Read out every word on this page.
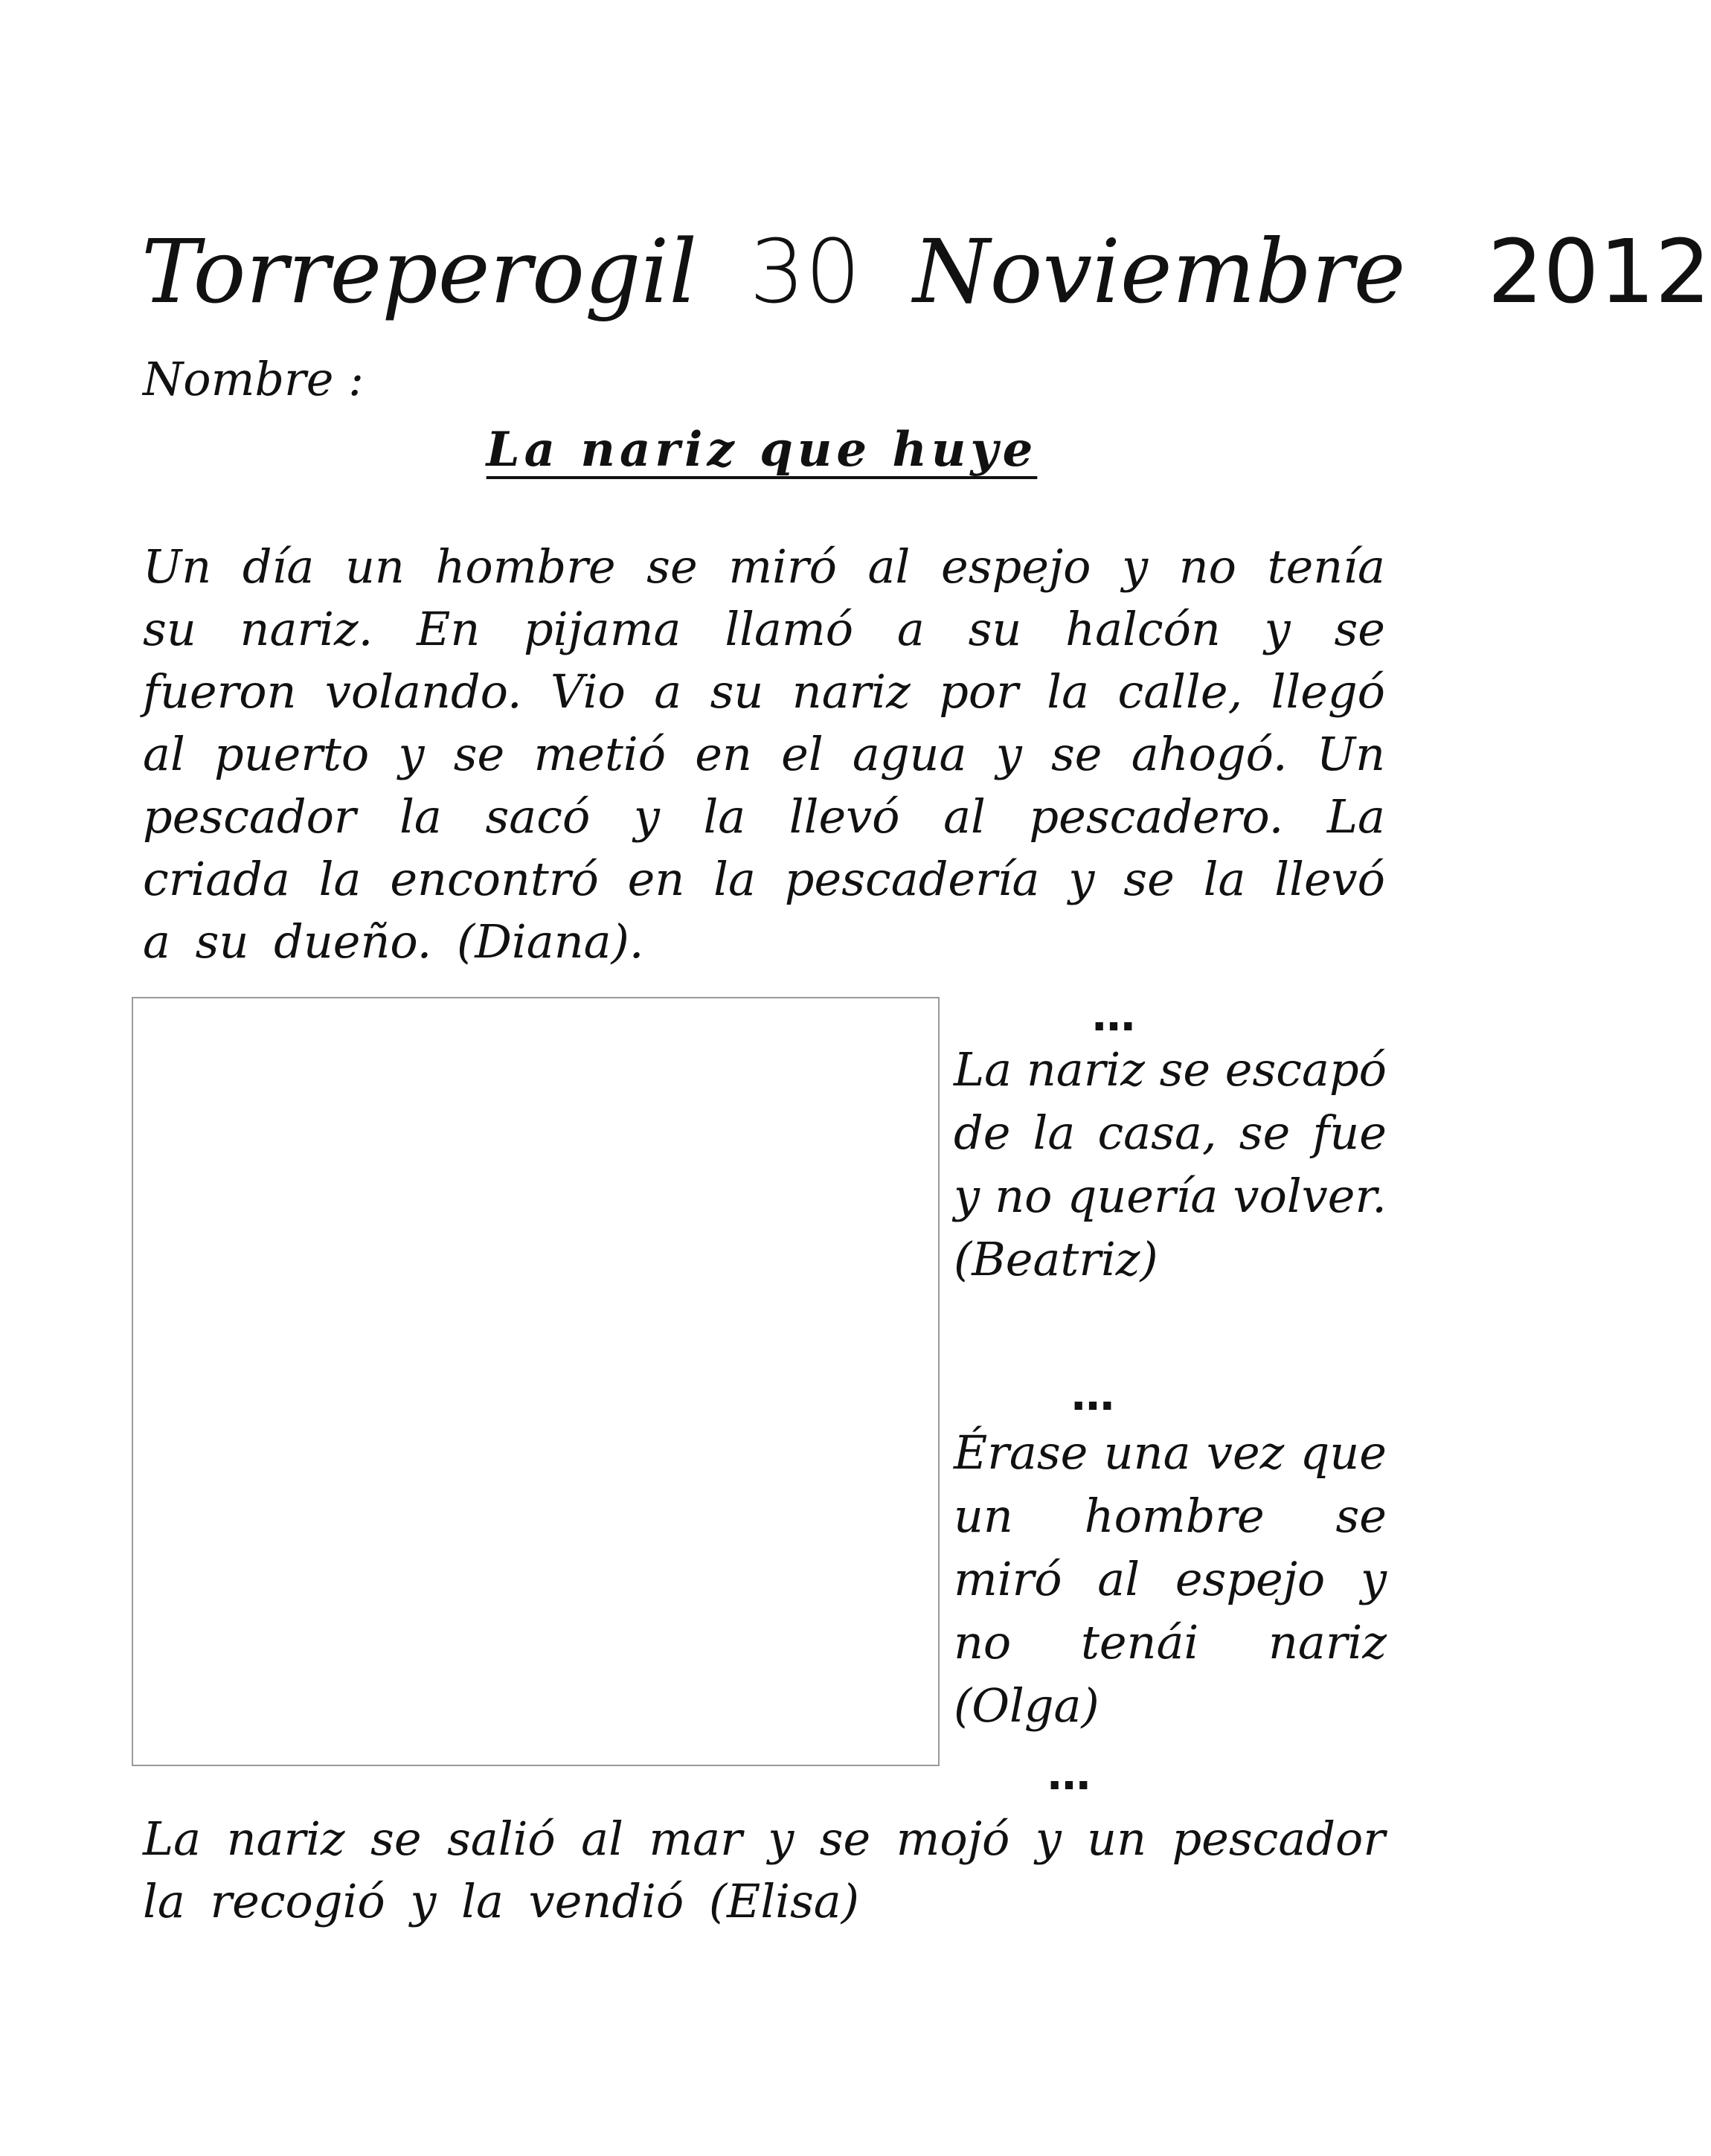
Torreperogil 30 Noviembre 2012
Nombre :
La nariz que huye
Un día un hombre se miró al espejo y no tenía su nariz. En pijama llamó a su halcón y se fueron volando. Vio a su nariz por la calle, llegó al puerto y se metió en el agua y se ahogó. Un pescador la sacó y la llevó al pescadero. La criada la encontró en la pescadería y se la llevó a su dueño. (Diana).
…
La nariz se escapó de la casa, se fue y no quería volver. (Beatriz)
…
Érase una vez que un hombre se miró al espejo y no tenái nariz (Olga)
…
La nariz se salió al mar y se mojó y un pescador la recogió y la vendió (Elisa)
